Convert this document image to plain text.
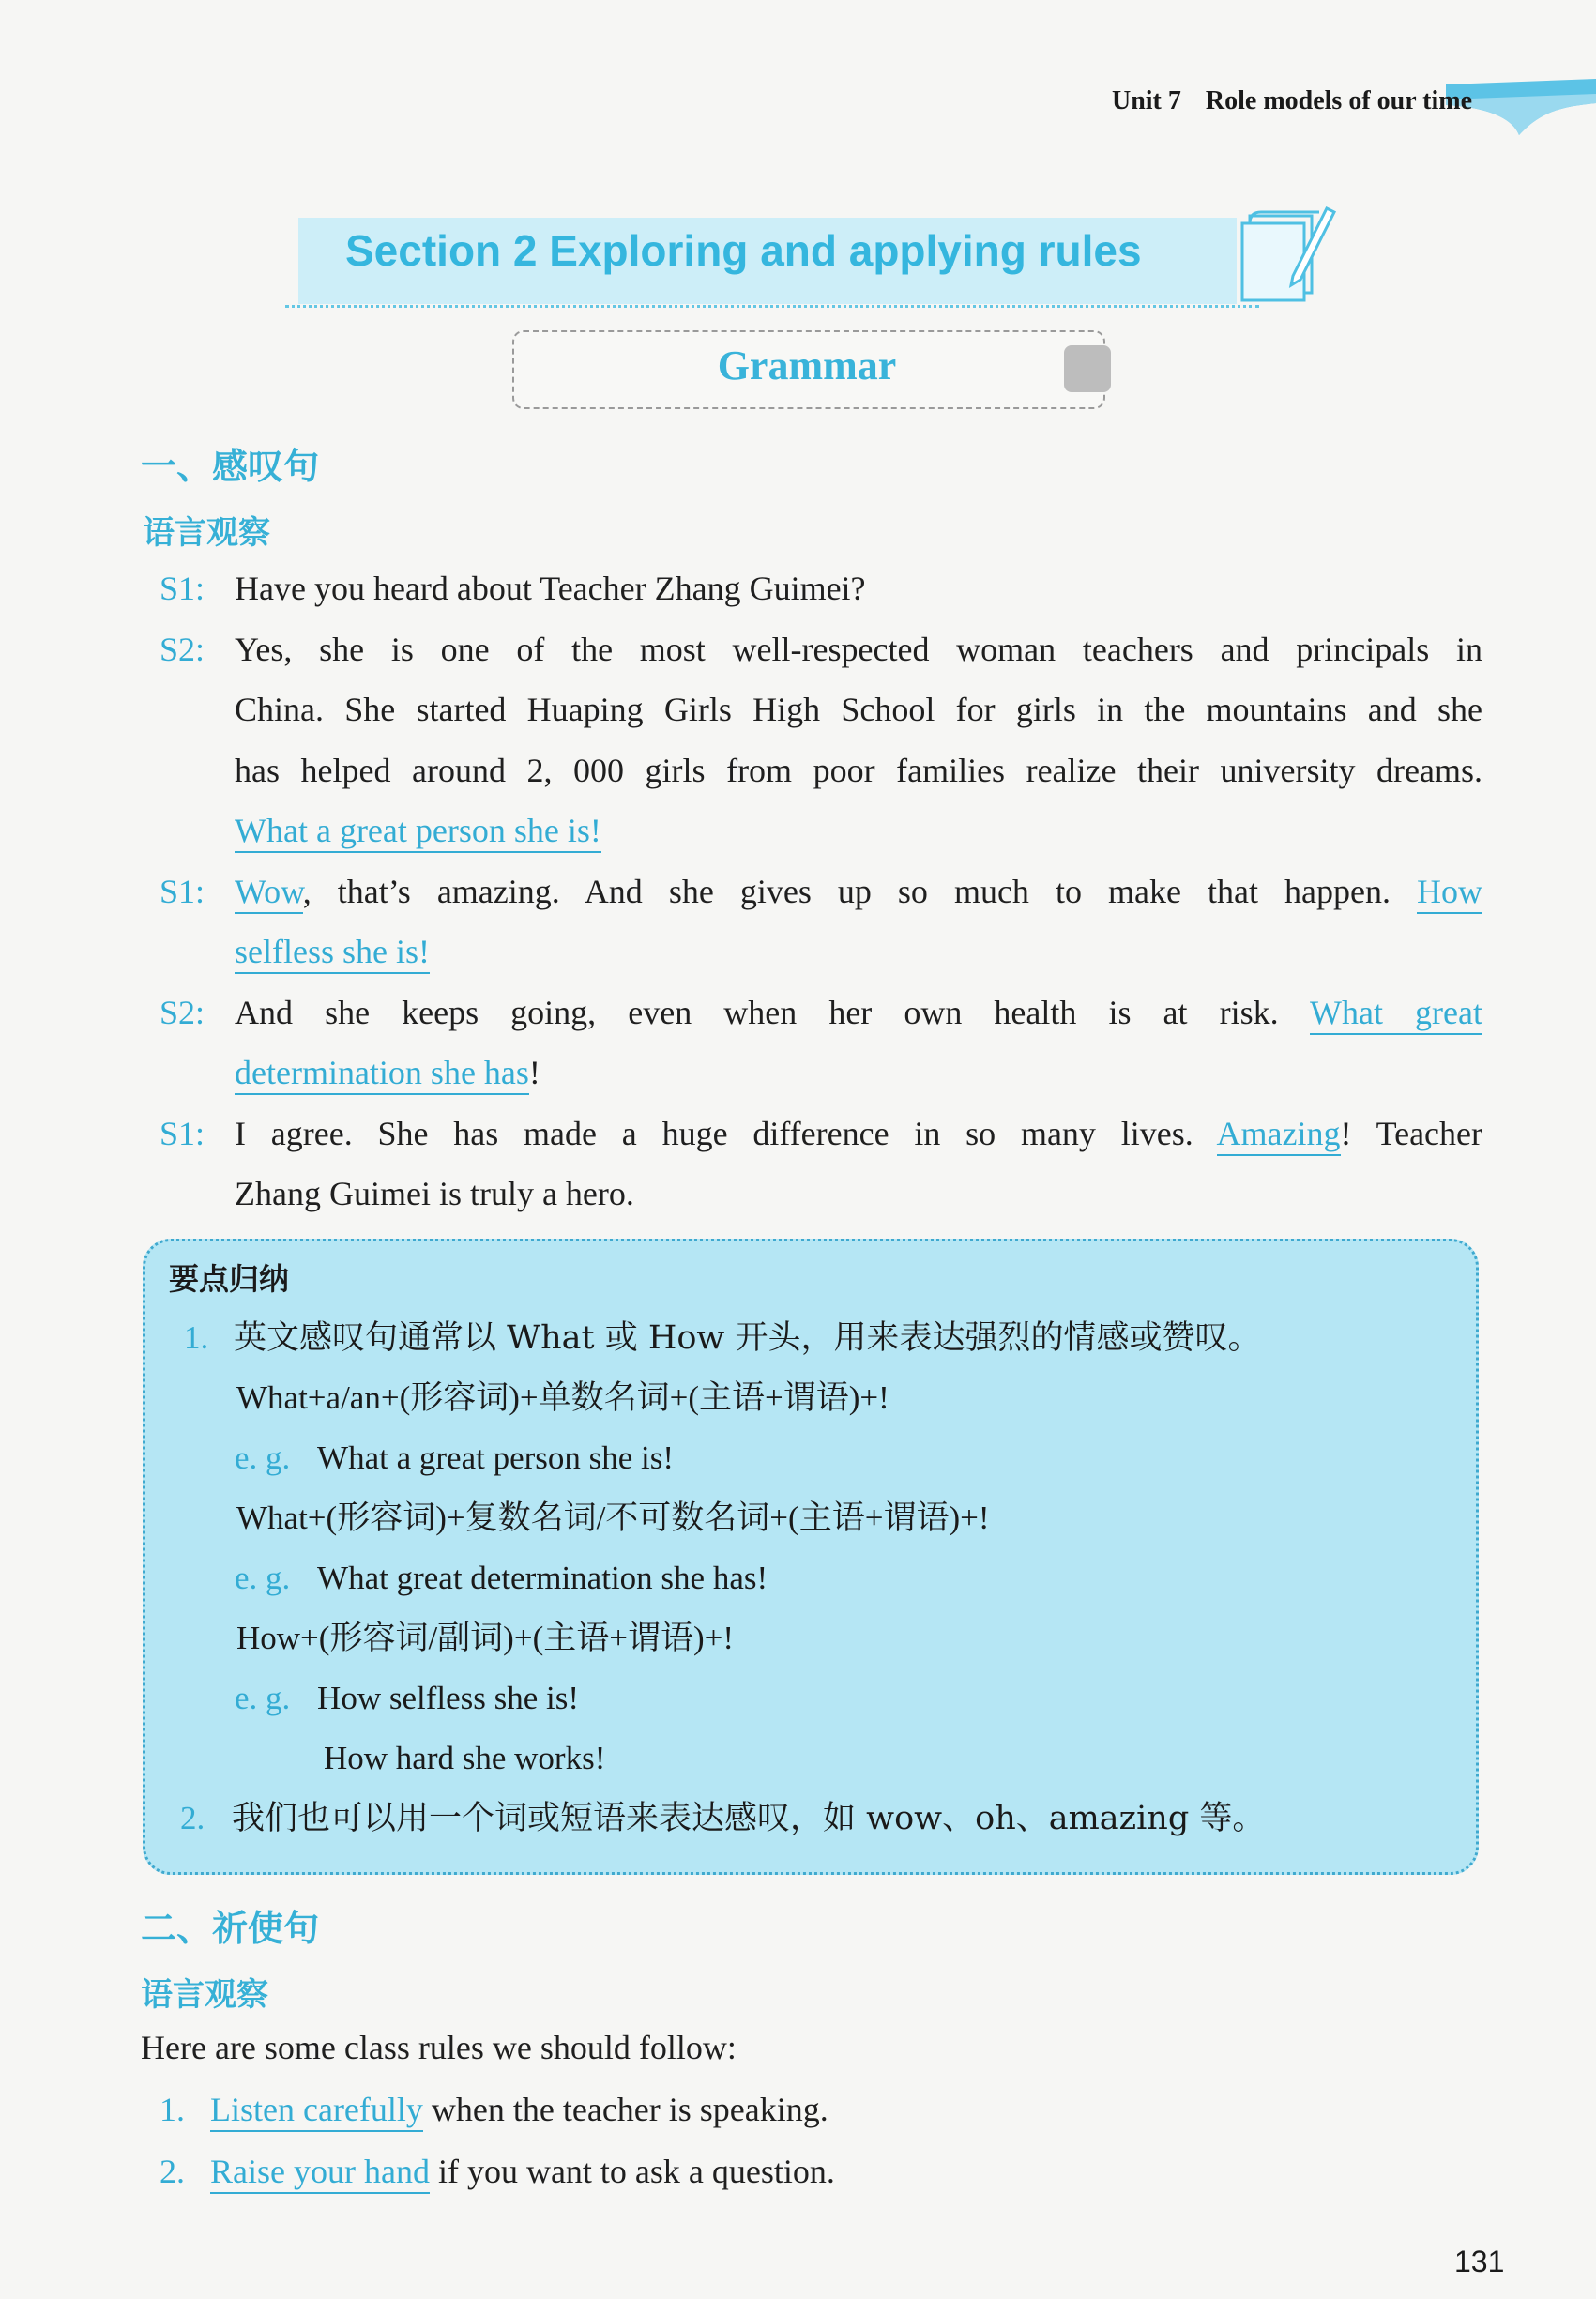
Unit 7 Role models of our time
Section 2 Exploring and applying rules
Grammar
一、感叹句
语言观察
S1: Have you heard about Teacher Zhang Guimei?
S2: Yes, she is one of the most well-respected woman teachers and principals in
China. She started Huaping Girls High School for girls in the mountains and she
has helped around 2, 000 girls from poor families realize their university dreams.
What a great person she is!
S1: Wow, that’s amazing. And she gives up so much to make that happen. How
selfless she is!
S2: And she keeps going, even when her own health is at risk. What great
determination she has!
S1: I agree. She has made a huge difference in so many lives. Amazing! Teacher
Zhang Guimei is truly a hero.
要点归纳
1. 英文感叹句通常以 What 或 How 开头，用来表达强烈的情感或赞叹。
What+a/an+(形容词)+单数名词+(主语+谓语)+!
e. g. What a great person she is!
What+(形容词)+复数名词/不可数名词+(主语+谓语)+!
e. g. What great determination she has!
How+(形容词/副词)+(主语+谓语)+!
e. g. How selfless she is!
How hard she works!
2. 我们也可以用一个词或短语来表达感叹，如 wow、oh、amazing 等。
二、祈使句
语言观察
Here are some class rules we should follow:
1. Listen carefully when the teacher is speaking.
2. Raise your hand if you want to ask a question.
131
